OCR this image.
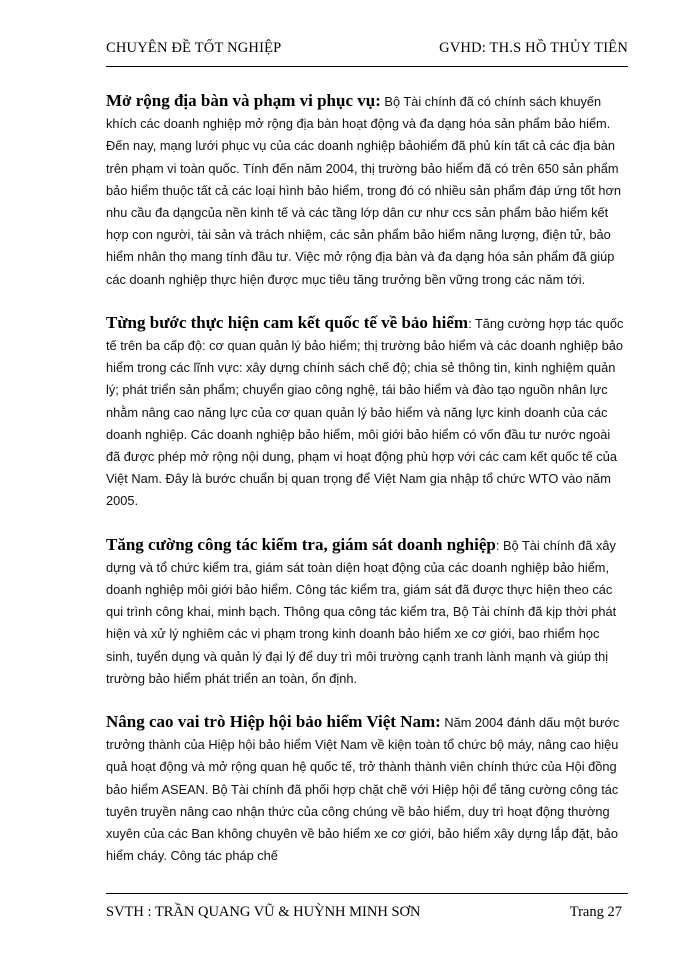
CHUYÊN ĐỀ TỐT NGHIỆP	GVHD: TH.S HỒ THỦY TIÊN

Mở rộng địa bàn và phạm vi phục vụ: Bộ Tài chính đã có chính sách khuyến khích các doanh nghiệp mở rộng địa bàn hoạt động và đa dạng hóa sản phẩm bảo hiểm. Đến nay, mạng lưới phục vụ của các doanh nghiệp bảohiểm đã phủ kín tất cả các địa bàn trên phạm vi toàn quốc. Tính đến năm 2004, thị trường bảo hiểm đã có trên 650 sản phẩm bảo hiểm thuộc tất cả các loại hình bảo hiểm, trong đó có nhiều sản phẩm đáp ứng tốt hơn nhu cầu đa dạngcủa nền kinh tế và các tầng lớp dân cư như ccs sản phẩm bảo hiểm kết hợp con người, tài sản và trách nhiệm, các sản phẩm bảo hiểm năng lượng, điện tử, bảo hiểm nhân thọ mang tính đầu tư. Việc mở rộng địa bàn và đa dạng hóa sản phẩm đã giúp các doanh nghiệp thực hiện được mục tiêu tăng trưởng bền vững trong các năm tới.

Từng bước thực hiện cam kết quốc tế về bảo hiểm: Tăng cường hợp tác quốc tế trên ba cấp độ: cơ quan quản lý bảo hiểm; thị trường bảo hiểm và các doanh nghiệp bảo hiểm trong các lĩnh vực: xây dựng chính sách chế độ; chia sẻ thông tin, kinh nghiệm quản lý; phát triển sản phẩm; chuyển giao công nghệ, tái bảo hiểm và đào tạo nguồn nhân lực nhằm nâng cao năng lực của cơ quan quản lý bảo hiểm và năng lực kinh doanh của các doanh nghiệp. Các doanh nghiệp bảo hiểm, môi giới bảo hiểm có vốn đầu tư nước ngoài đã được phép mở rộng nội dung, phạm vi hoạt động phù hợp với các cam kết quốc tế của Việt Nam. Đây là bước chuẩn bị quan trọng để Việt Nam gia nhập tổ chức WTO vào năm 2005.

Tăng cường công tác kiểm tra, giám sát doanh nghiệp: Bộ Tài chính đã xây dựng và tổ chức kiểm tra, giám sát toàn diện hoạt động của các doanh nghiệp bảo hiểm, doanh nghiệp môi giới bảo hiểm. Công tác kiểm tra, giám sát đã được thực hiện theo các qui trình công khai, minh bạch. Thông qua công tác kiểm tra, Bộ Tài chính đã kịp thời phát hiện và xử lý nghiêm các vi phạm trong kinh doanh bảo hiểm xe cơ giới, bao rhiểm học sinh, tuyển dụng và quản lý đại lý để duy trì môi trường cạnh tranh lành mạnh và giúp thị trường bảo hiểm phát triển an toàn, ổn định.

Nâng cao vai trò Hiệp hội bảo hiểm Việt Nam: Năm 2004 đánh dấu một bước trưởng thành của Hiệp hội bảo hiểm Việt Nam về kiện toàn tổ chức bộ máy, nâng cao hiệu quả hoạt động và mở rộng quan hệ quốc tế, trở thành thành viên chính thức của Hội đồng bảo hiểm ASEAN. Bộ Tài chính đã phối hợp chặt chẽ với Hiệp hội để tăng cường công tác tuyên truyền nâng cao nhận thức của công chúng về bảo hiểm, duy trì hoạt động thường xuyên của các Ban không chuyên về bảo hiểm xe cơ giới, bảo hiểm xây dựng lắp đặt, bảo hiểm cháy. Công tác pháp chế

SVTH : TRẦN QUANG VŨ & HUỲNH MINH SƠN	Trang 27
